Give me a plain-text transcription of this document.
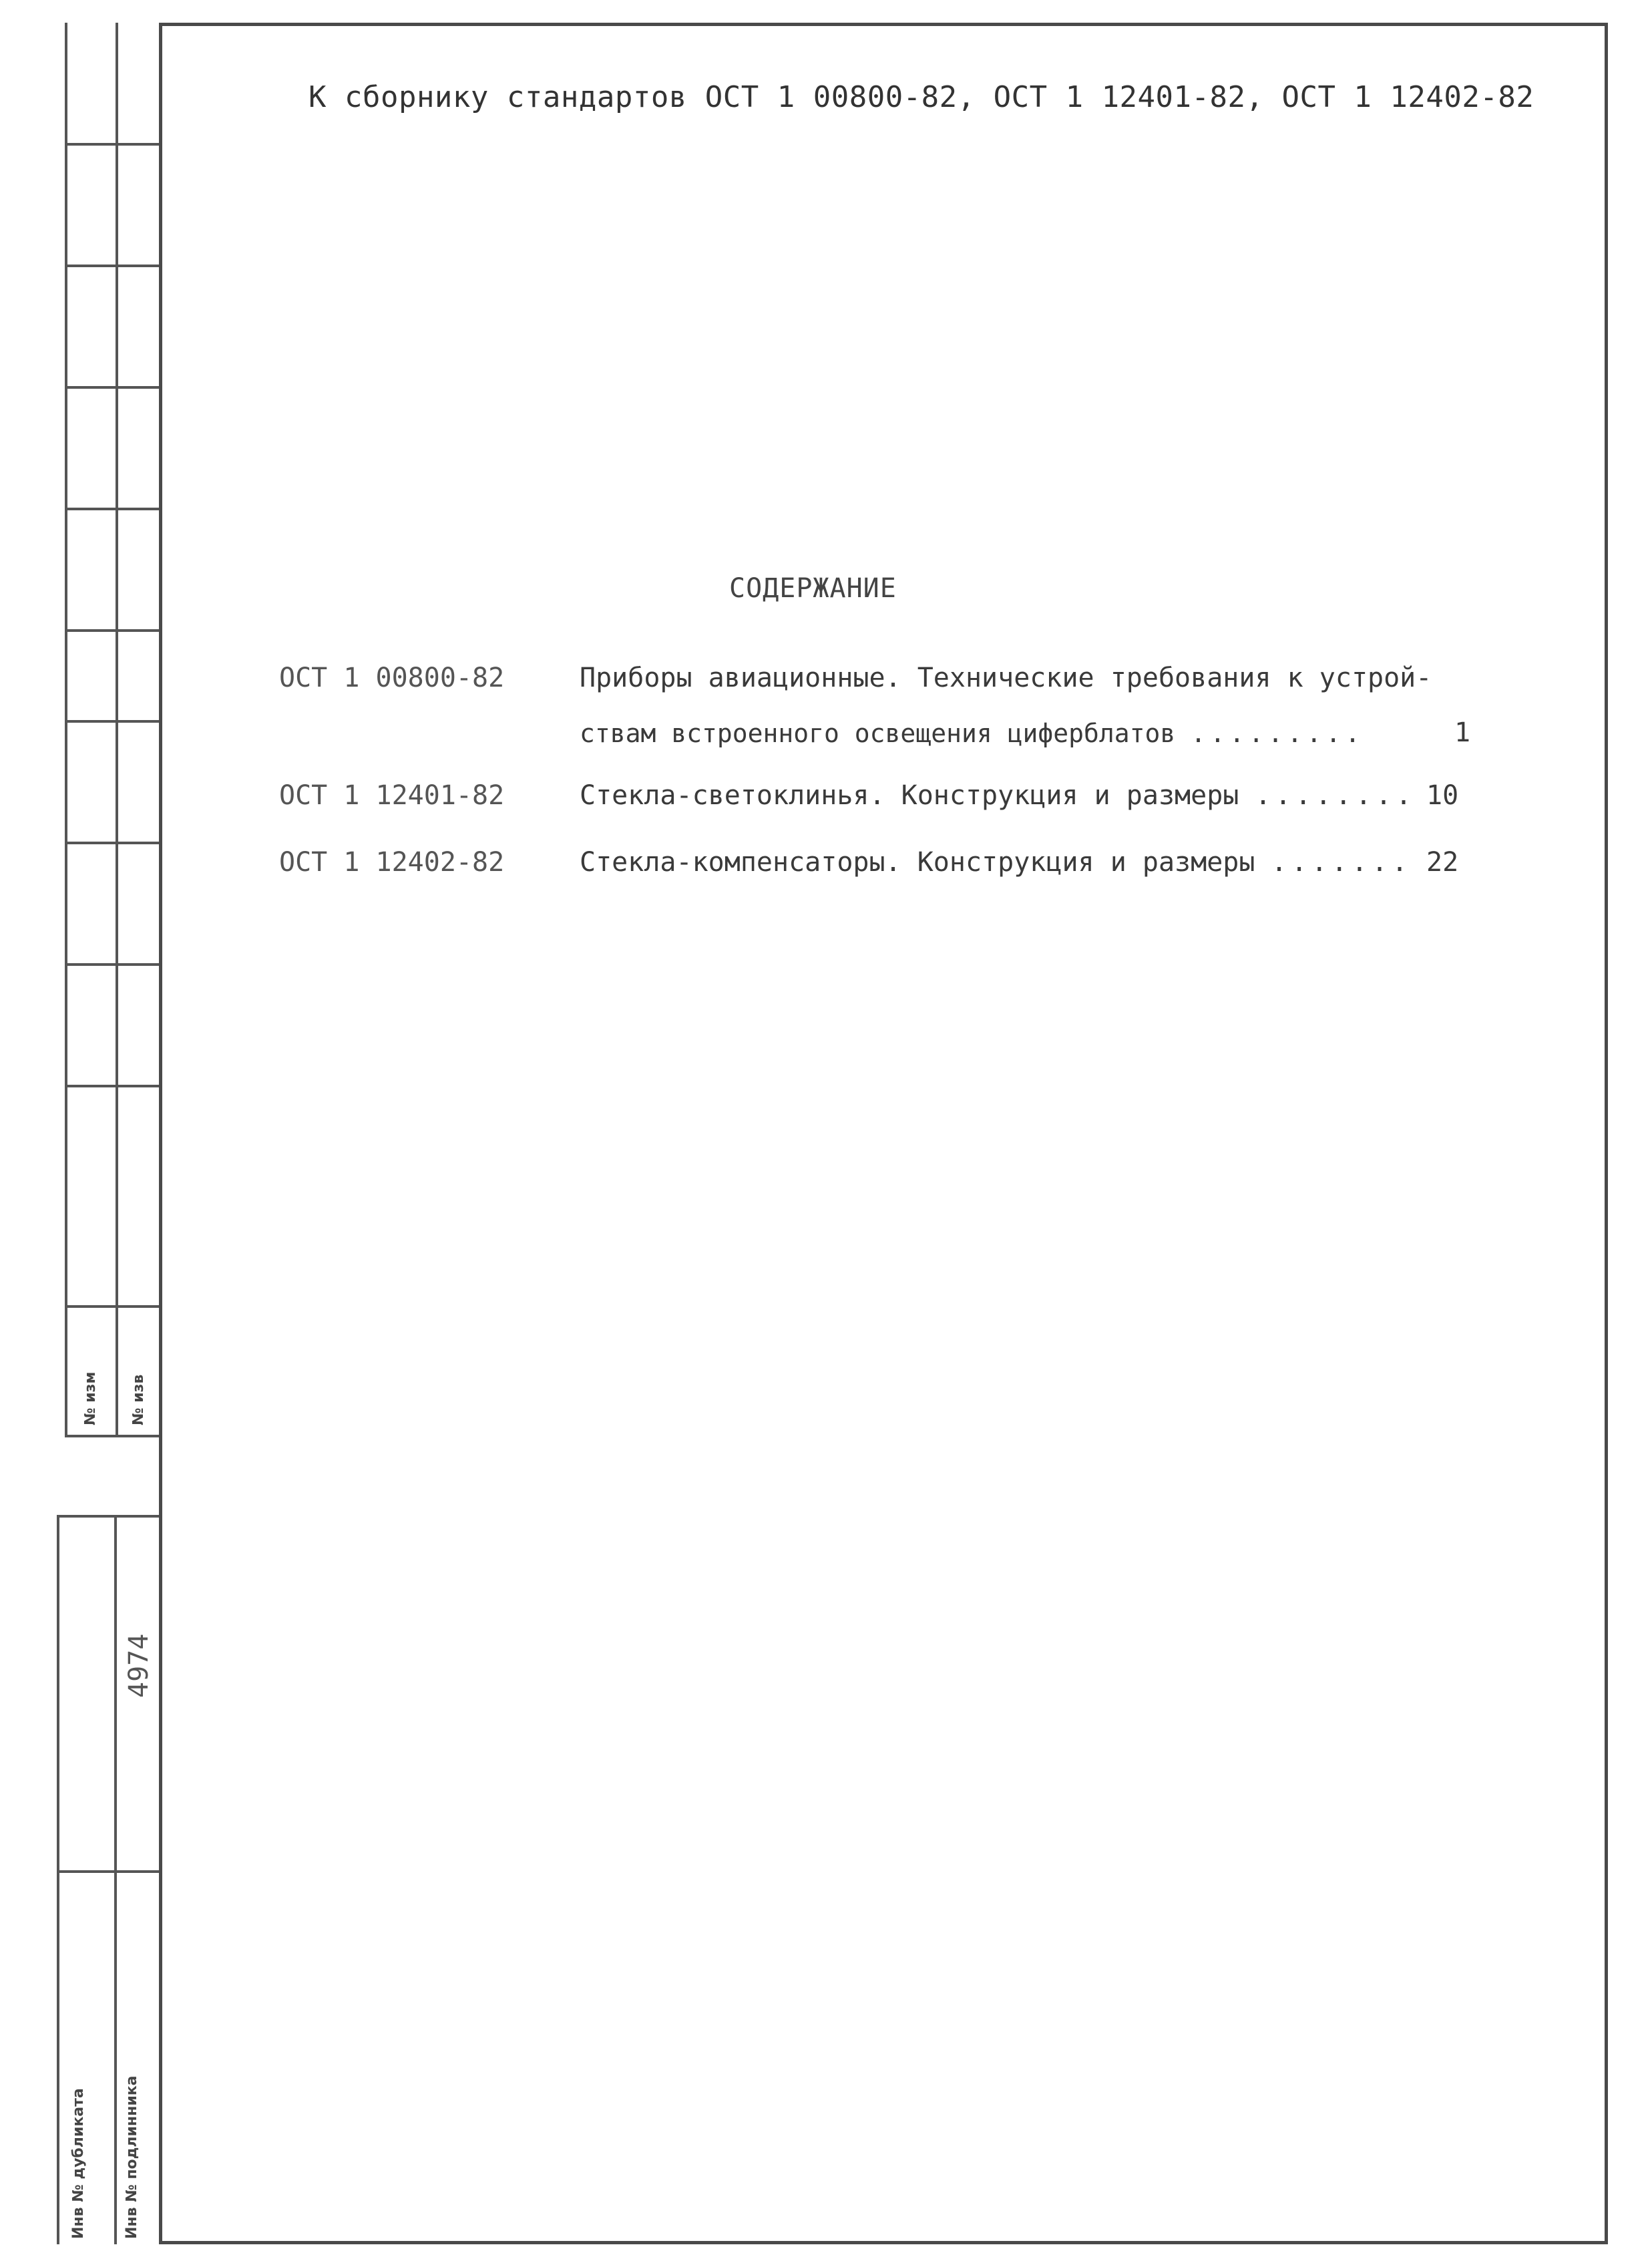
№ изм № изв
4974
Инв № дубликата	Инв № подлинника
К сборнику стандартов ОСТ 1 00800-82, ОСТ 1 12401-82, ОСТ 1 12402-82
СОДЕРЖАНИЕ
ОСТ 1 00800-82	Приборы авиационные. Технические требования к устрой-
ствам встроенного освещения циферблатов .........	1
ОСТ 1 12401-82	Стекла-светоклинья. Конструкция и размеры ........ 10
ОСТ 1 12402-82	Стекла-компенсаторы. Конструкция и размеры ....... 22
